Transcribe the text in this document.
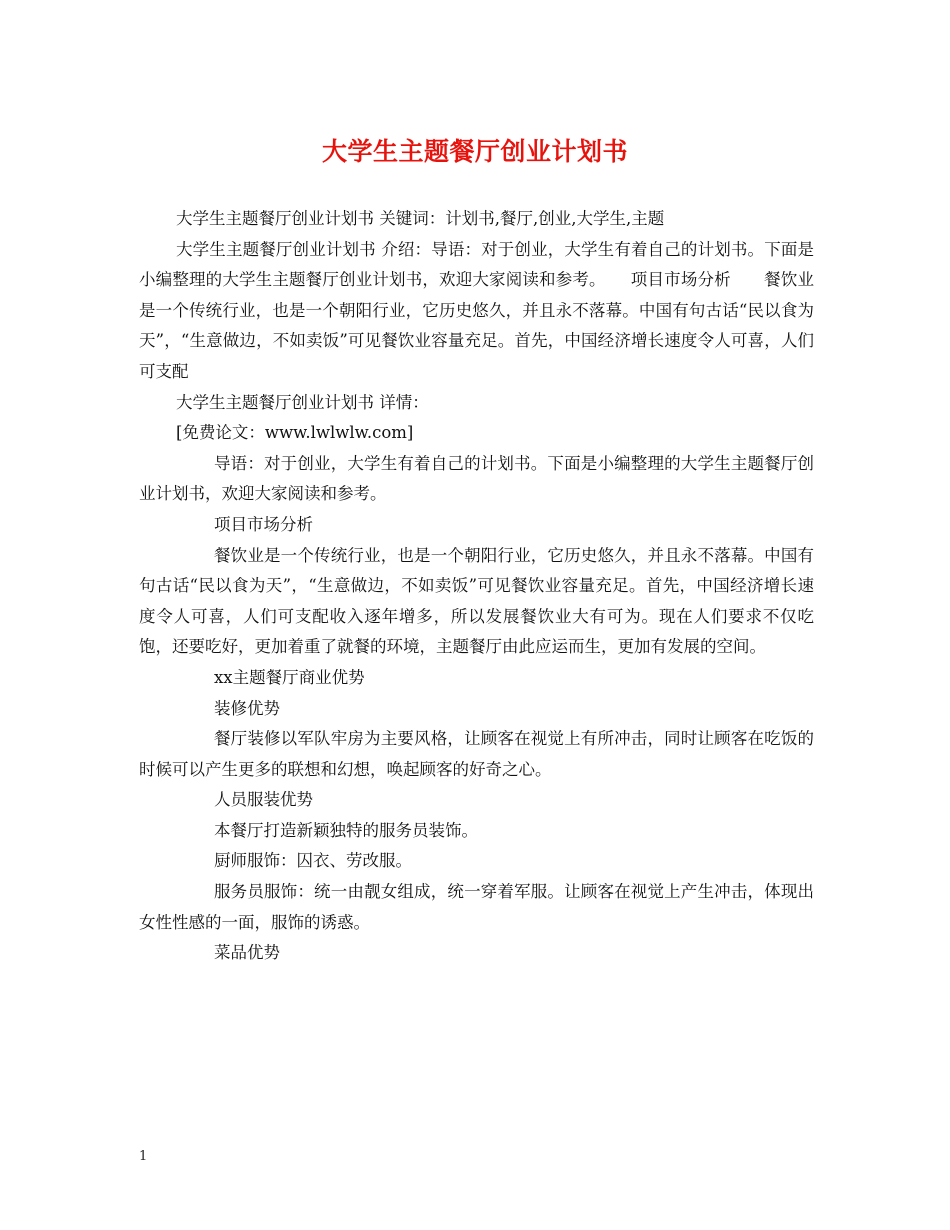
大学生主题餐厅创业计划书

大学生主题餐厅创业计划书 关键词：计划书,餐厅,创业,大学生,主题

大学生主题餐厅创业计划书 介绍：导语：对于创业，大学生有着自己的计划书。下面是小编整理的大学生主题餐厅创业计划书，欢迎大家阅读和参考。　　项目市场分析　　餐饮业是一个传统行业，也是一个朝阳行业，它历史悠久，并且永不落幕。中国有句古话“民以食为天”，“生意做边，不如卖饭”可见餐饮业容量充足。首先，中国经济增长速度令人可喜，人们可支配

大学生主题餐厅创业计划书 详情：

[免费论文：www.lwlwlw.com]

导语：对于创业，大学生有着自己的计划书。下面是小编整理的大学生主题餐厅创业计划书，欢迎大家阅读和参考。

项目市场分析

餐饮业是一个传统行业，也是一个朝阳行业，它历史悠久，并且永不落幕。中国有句古话“民以食为天”，“生意做边，不如卖饭”可见餐饮业容量充足。首先，中国经济增长速度令人可喜，人们可支配收入逐年增多，所以发展餐饮业大有可为。现在人们要求不仅吃饱，还要吃好，更加着重了就餐的环境，主题餐厅由此应运而生，更加有发展的空间。

xx主题餐厅商业优势

装修优势

餐厅装修以军队牢房为主要风格，让顾客在视觉上有所冲击，同时让顾客在吃饭的时候可以产生更多的联想和幻想，唤起顾客的好奇之心。

人员服装优势

本餐厅打造新颖独特的服务员装饰。

厨师服饰：囚衣、劳改服。

服务员服饰：统一由靓女组成，统一穿着军服。让顾客在视觉上产生冲击，体现出女性性感的一面，服饰的诱惑。

菜品优势

1
